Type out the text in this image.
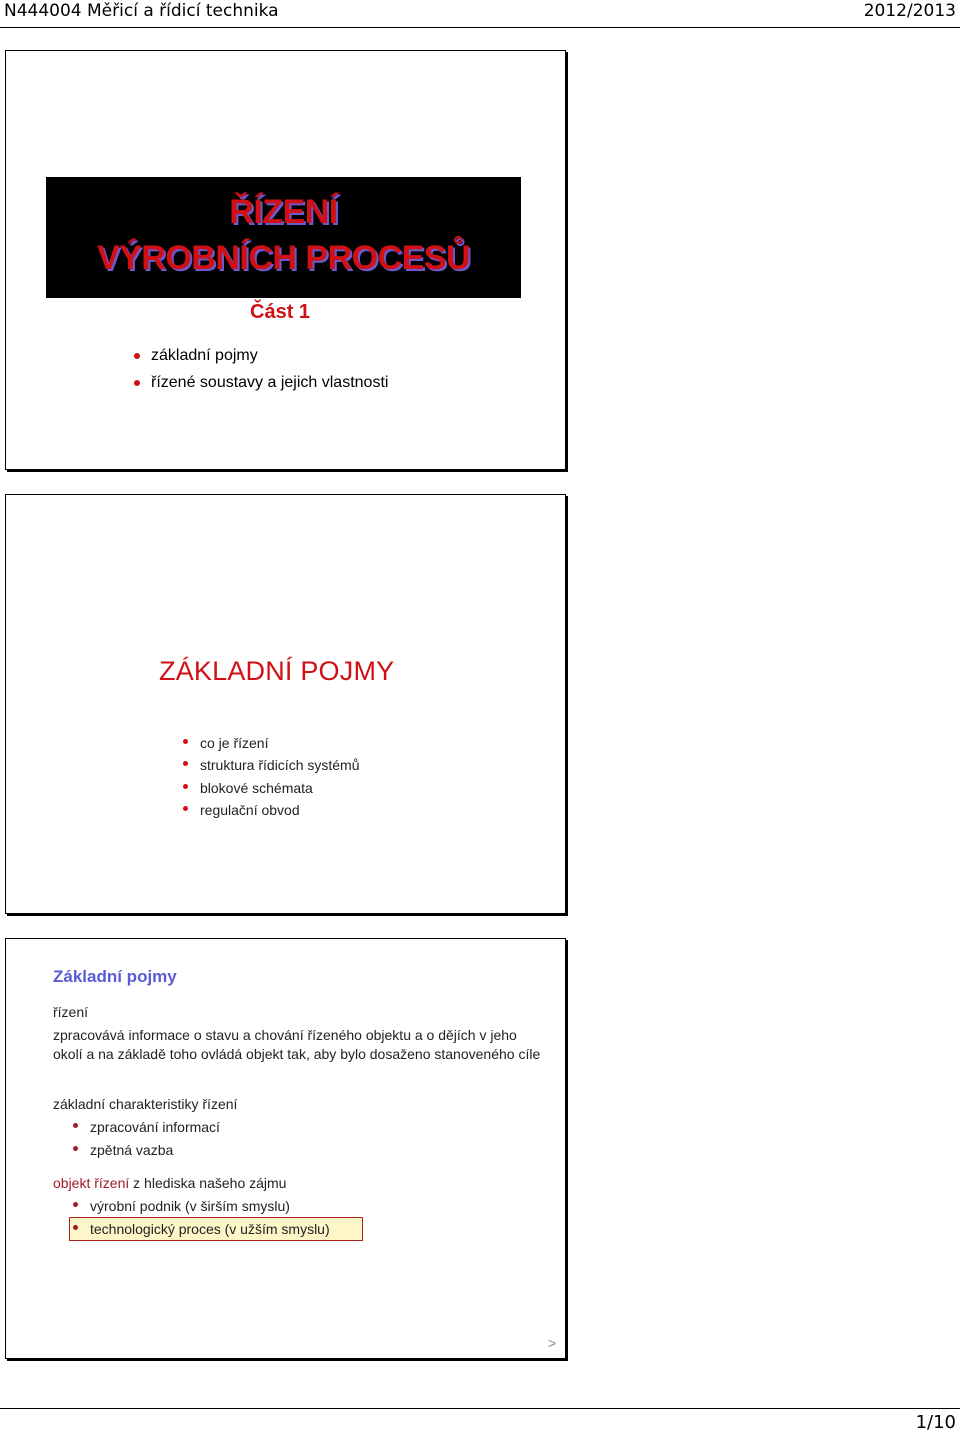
N444004 Měřicí a řídicí technika	2012/2013
ŘÍZENÍ
VÝROBNÍCH PROCESŮ
Část 1
základní pojmy
řízené soustavy a jejich vlastnosti
ZÁKLADNÍ POJMY
co je řízení
struktura řídicích systémů
blokové schémata
regulační obvod
Základní pojmy
řízení
zpracovává informace o stavu a chování řízeného objektu a o dějích v jeho okolí a na základě toho ovládá objekt tak, aby bylo dosaženo stanoveného cíle
základní charakteristiky řízení
zpracování informací
zpětná vazba
objekt řízení z hlediska našeho zájmu
výrobní podnik (v širším smyslu)
technologický proces (v užším smyslu)
>
1/10
